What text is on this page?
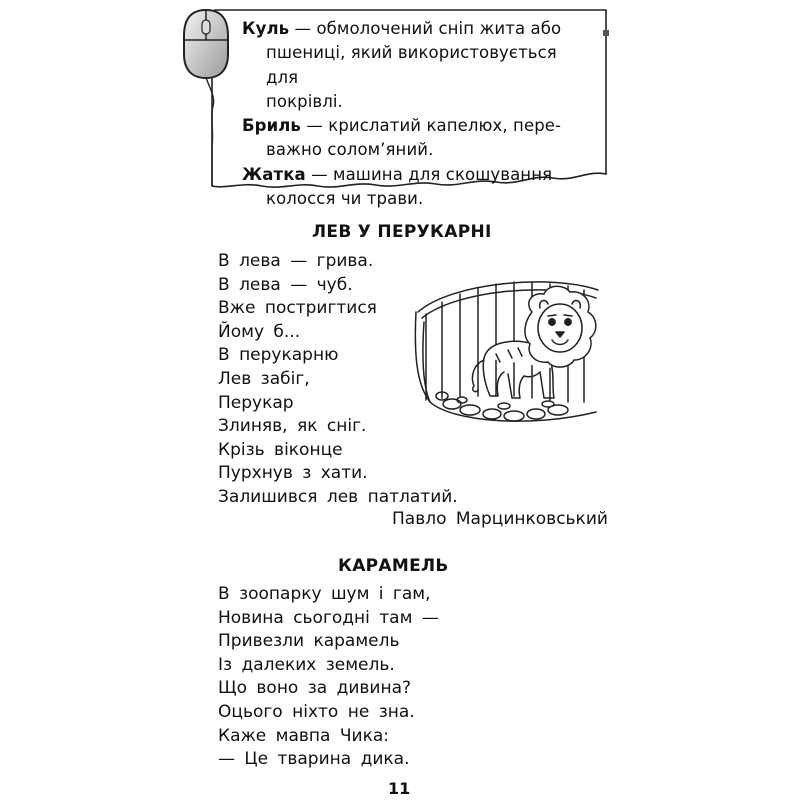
Куль — обмолочений сніп жита або

пшениці, який використовується для

покрівлі.

Бриль — крислатий капелюх, пере-

важно солом’яний.

Жатка — машина для скошування

колосся чи трави.

ЛЕВ У ПЕРУКАРНІ
В лева — грива.
В лева — чуб.
Вже постригтися
Йому б...
В перукарню
Лев забіг,
Перукар
Злиняв, як сніг.
Крізь віконце
Пурхнув з хати.
Залишився лев патлатий.
Павло Марцинковський
КАРАМЕЛЬ
В зоопарку шум і гам,
Новина сьогодні там —
Привезли карамель
Із далеких земель.
Що воно за дивина?
Оцього ніхто не зна.
Каже мавпа Чика:
— Це тварина дика.
11
